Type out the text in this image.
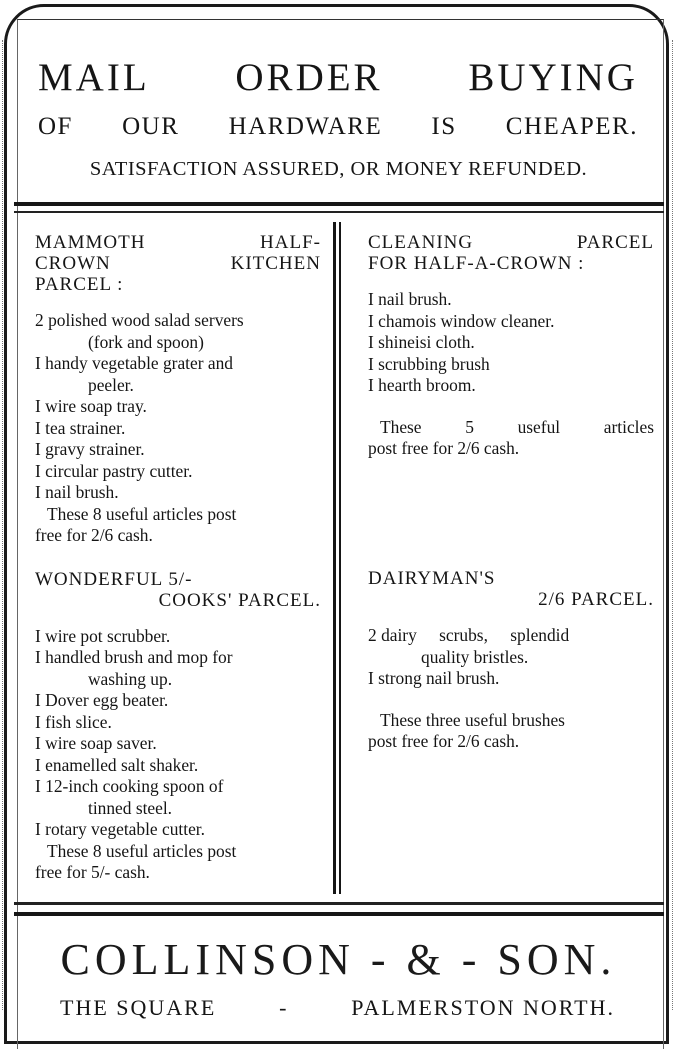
MAIL ORDER BUYING
OF OUR HARDWARE IS CHEAPER.
SATISFACTION ASSURED, OR MONEY REFUNDED.
MAMMOTH	HALF-
CROWN	KITCHEN
PARCEL :
2 polished wood salad servers
(fork and spoon)
I handy vegetable grater and
peeler.
I wire soap tray.
I tea strainer.
I gravy strainer.
I circular pastry cutter.
I nail brush.
These 8 useful articles post
free for 2/6 cash.
WONDERFUL 5/-
COOKS' PARCEL.
I wire pot scrubber.
I handled brush and mop for
washing up.
I Dover egg beater.
I fish slice.
I wire soap saver.
I enamelled salt shaker.
I 12-inch cooking spoon of
tinned steel.
I rotary vegetable cutter.
These 8 useful articles post
free for 5/- cash.
CLEANING	PARCEL
FOR HALF-A-CROWN :
I nail brush.
I chamois window cleaner.
I shineisi cloth.
I scrubbing brush
I hearth broom.
These 5 useful articles
post free for 2/6 cash.
DAIRYMAN'S
2/6 PARCEL.
2 dairy scrubs, splendid
quality bristles.
I strong nail brush.
These three useful brushes
post free for 2/6 cash.
COLLINSON - & - SON.
THE SQUARE	-	PALMERSTON NORTH.
